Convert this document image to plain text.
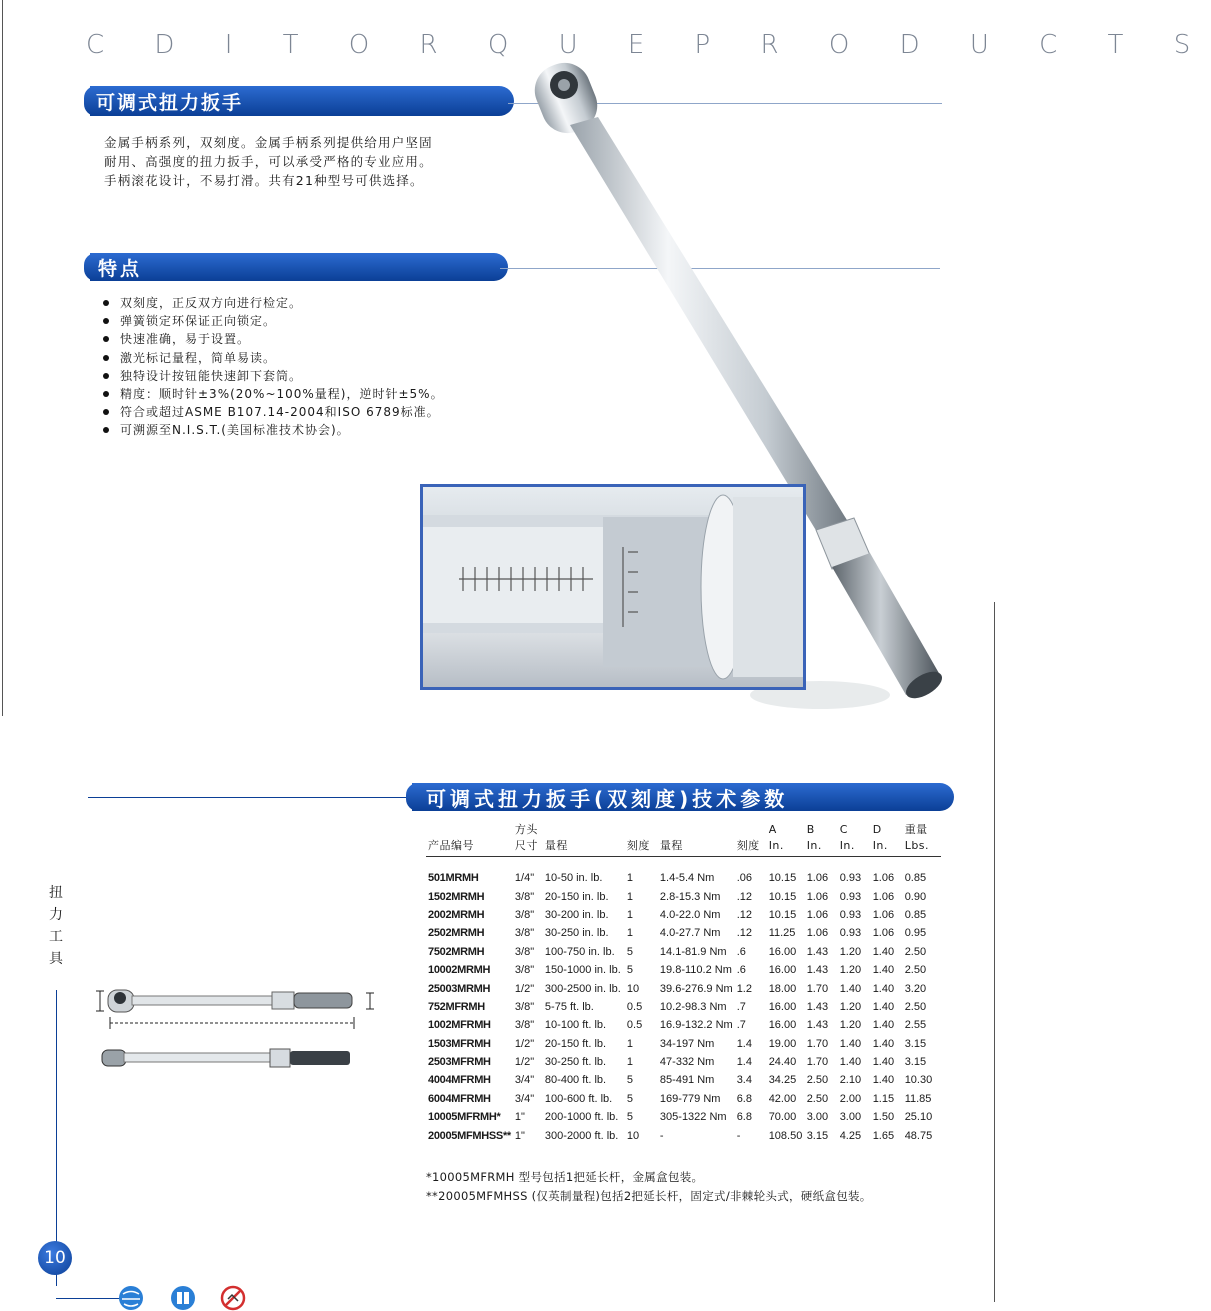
C D I T O R Q U E P R O D U C T S
可调式扭力扳手
金属手柄系列，双刻度。金属手柄系列提供给用户坚固
耐用、高强度的扭力扳手，可以承受严格的专业应用。
手柄滚花设计，不易打滑。共有21种型号可供选择。
特点
双刻度，正反双方向进行检定。
弹簧锁定环保证正向锁定。
快速准确，易于设置。
激光标记量程，简单易读。
独特设计按钮能快速卸下套筒。
精度：顺时针±3%(20%~100%量程)，逆时针±5%。
符合或超过ASME B107.14-2004和ISO 6789标准。
可溯源至N.I.S.T.(美国标准技术协会)。
可调式扭力扳手(双刻度)技术参数
	方头					A	B	C	D	重量
产品编号	尺寸	量程	刻度	量程	刻度	In.	In.	In.	In.	Lbs.
501MRMH	1/4"	10-50 in. lb.	1	1.4-5.4 Nm	.06	10.15	1.06	0.93	1.06	0.85
1502MRMH	3/8"	20-150 in. lb.	1	2.8-15.3 Nm	.12	10.15	1.06	0.93	1.06	0.90
2002MRMH	3/8"	30-200 in. lb.	1	4.0-22.0 Nm	.12	10.15	1.06	0.93	1.06	0.85
2502MRMH	3/8"	30-250 in. lb.	1	4.0-27.7 Nm	.12	11.25	1.06	0.93	1.06	0.95
7502MRMH	3/8"	100-750 in. lb.	5	14.1-81.9 Nm	.6	16.00	1.43	1.20	1.40	2.50
10002MRMH	3/8"	150-1000 in. lb.	5	19.8-110.2 Nm	.6	16.00	1.43	1.20	1.40	2.50
25003MRMH	1/2"	300-2500 in. lb.	10	39.6-276.9 Nm	1.2	18.00	1.70	1.40	1.40	3.20
752MFRMH	3/8"	5-75 ft. lb.	0.5	10.2-98.3 Nm	.7	16.00	1.43	1.20	1.40	2.50
1002MFRMH	3/8"	10-100 ft. lb.	0.5	16.9-132.2 Nm	.7	16.00	1.43	1.20	1.40	2.55
1503MFRMH	1/2"	20-150 ft. lb.	1	34-197 Nm	1.4	19.00	1.70	1.40	1.40	3.15
2503MFRMH	1/2"	30-250 ft. lb.	1	47-332 Nm	1.4	24.40	1.70	1.40	1.40	3.15
4004MFRMH	3/4"	80-400 ft. lb.	5	85-491 Nm	3.4	34.25	2.50	2.10	1.40	10.30
6004MFRMH	3/4"	100-600 ft. lb.	5	169-779 Nm	6.8	42.00	2.50	2.00	1.15	11.85
10005MFRMH*	1"	200-1000 ft. lb.	5	305-1322 Nm	6.8	70.00	3.00	3.00	1.50	25.10
20005MFMHSS**	1"	300-2000 ft. lb.	10	-	-	108.50	3.15	4.25	1.65	48.75
*10005MFRMH 型号包括1把延长杆，金属盒包装。
**20005MFMHSS (仅英制量程)包括2把延长杆，固定式/非棘轮头式，硬纸盒包装。
扭
力
工
具
10
